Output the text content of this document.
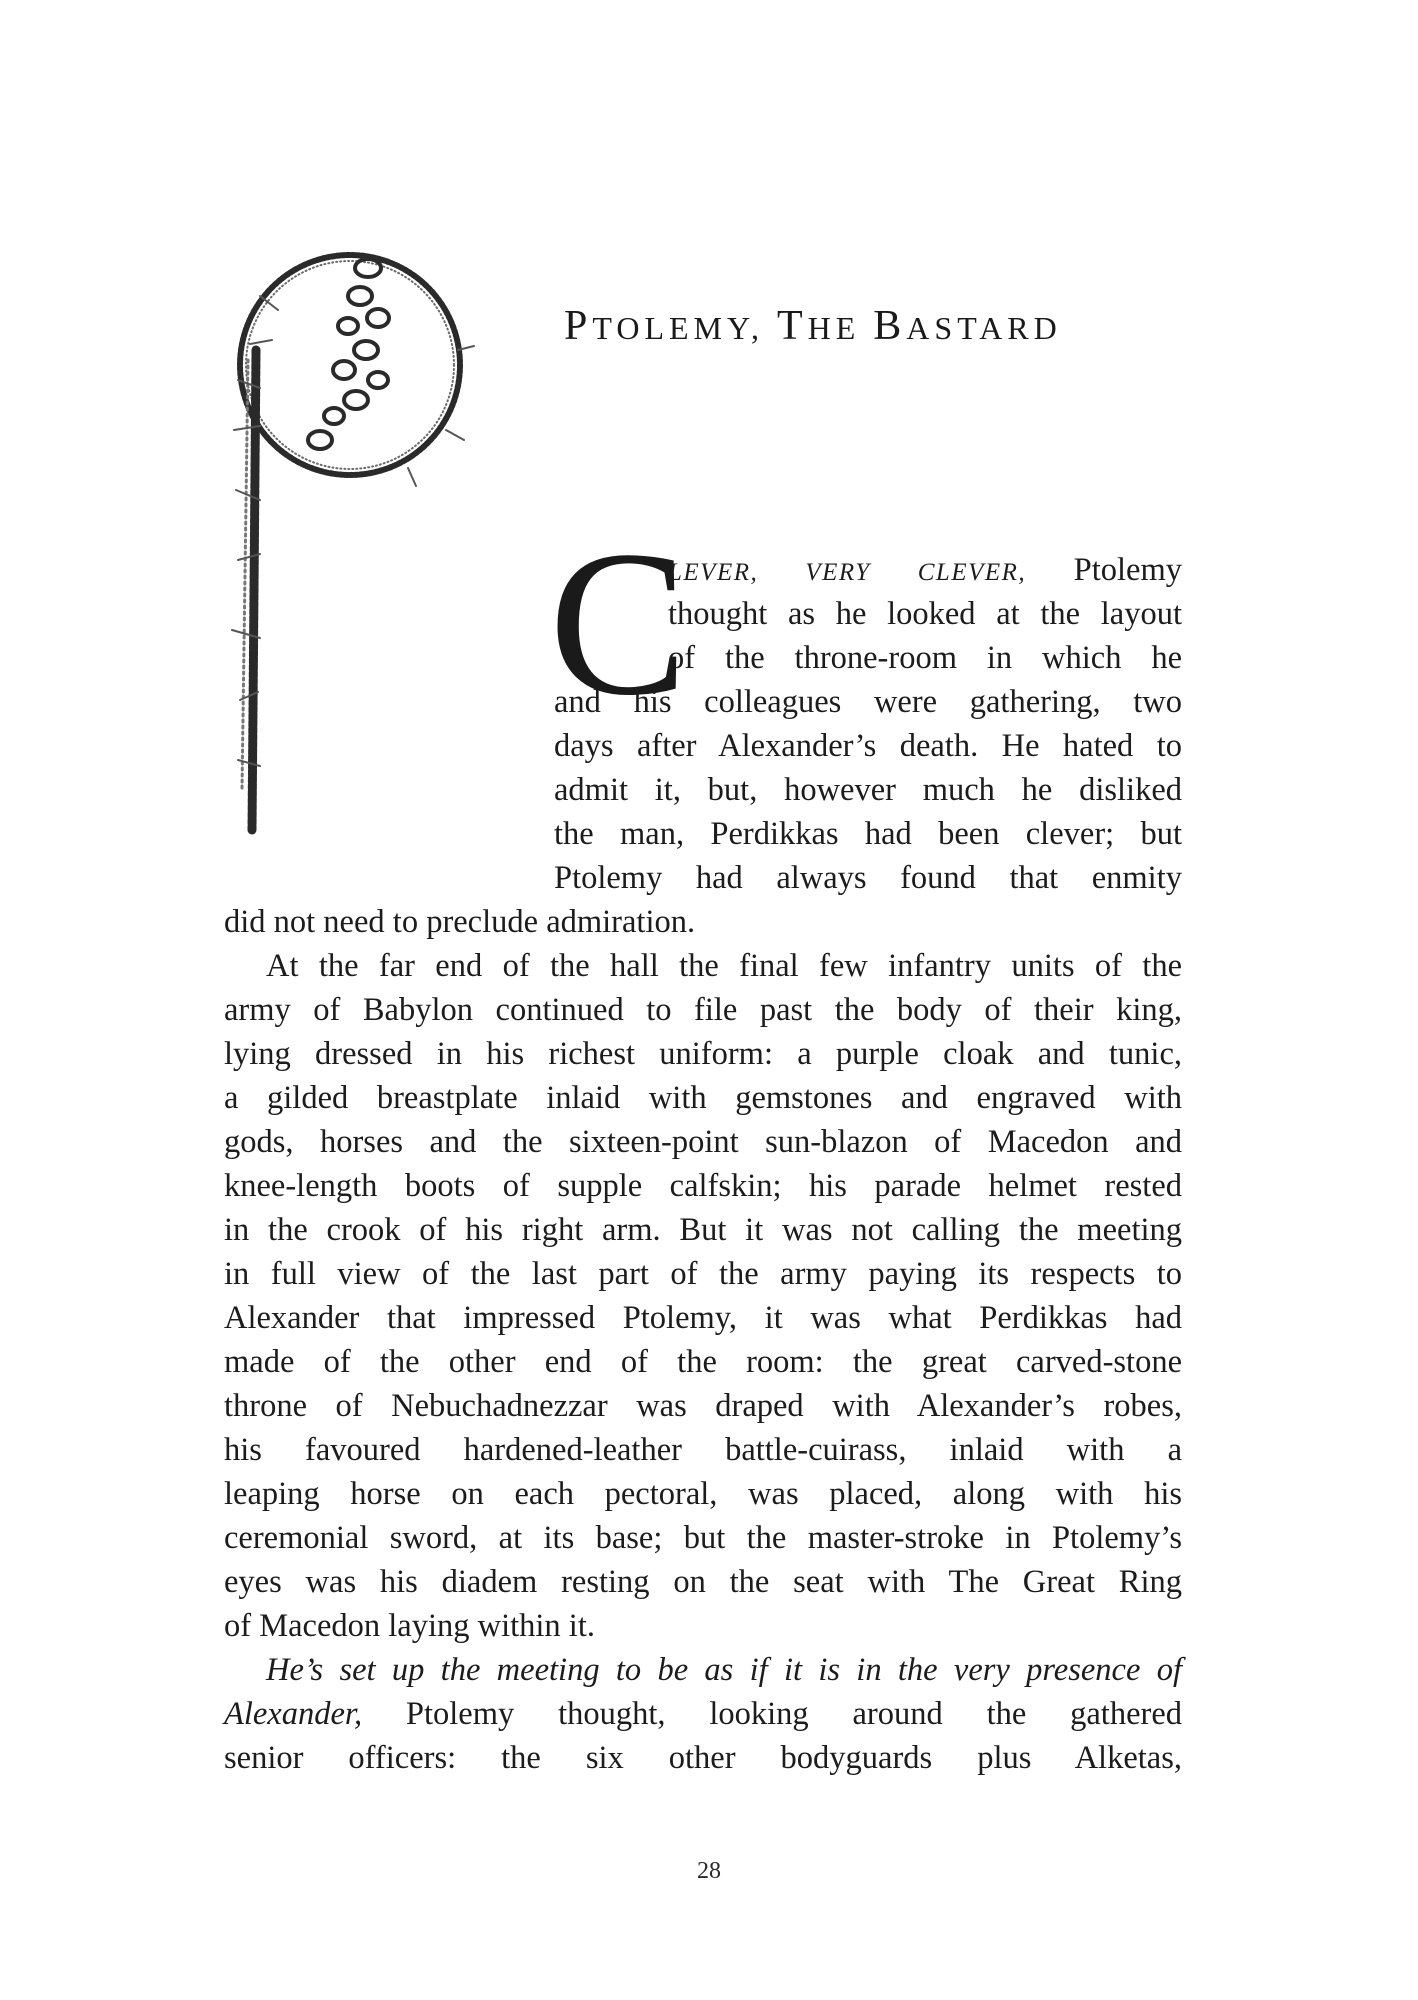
PTOLEMY, THE BASTARD
C
LEVER, VERY CLEVER, Ptolemy
thought as he looked at the layout
of the throne-room in which he
and his colleagues were gathering, two
days after Alexander’s death. He hated to
admit it, but, however much he disliked
the man, Perdikkas had been clever; but
Ptolemy had always found that enmity
did not need to preclude admiration.
At the far end of the hall the final few infantry units of the
army of Babylon continued to file past the body of their king,
lying dressed in his richest uniform: a purple cloak and tunic,
a gilded breastplate inlaid with gemstones and engraved with
gods, horses and the sixteen-point sun-blazon of Macedon and
knee-length boots of supple calfskin; his parade helmet rested
in the crook of his right arm. But it was not calling the meeting
in full view of the last part of the army paying its respects to
Alexander that impressed Ptolemy, it was what Perdikkas had
made of the other end of the room: the great carved-stone
throne of Nebuchadnezzar was draped with Alexander’s robes,
his favoured hardened-leather battle-cuirass, inlaid with a
leaping horse on each pectoral, was placed, along with his
ceremonial sword, at its base; but the master-stroke in Ptolemy’s
eyes was his diadem resting on the seat with The Great Ring
of Macedon laying within it.
He’s set up the meeting to be as if it is in the very presence of
Alexander, Ptolemy thought, looking around the gathered
senior officers: the six other bodyguards plus Alketas,
28
